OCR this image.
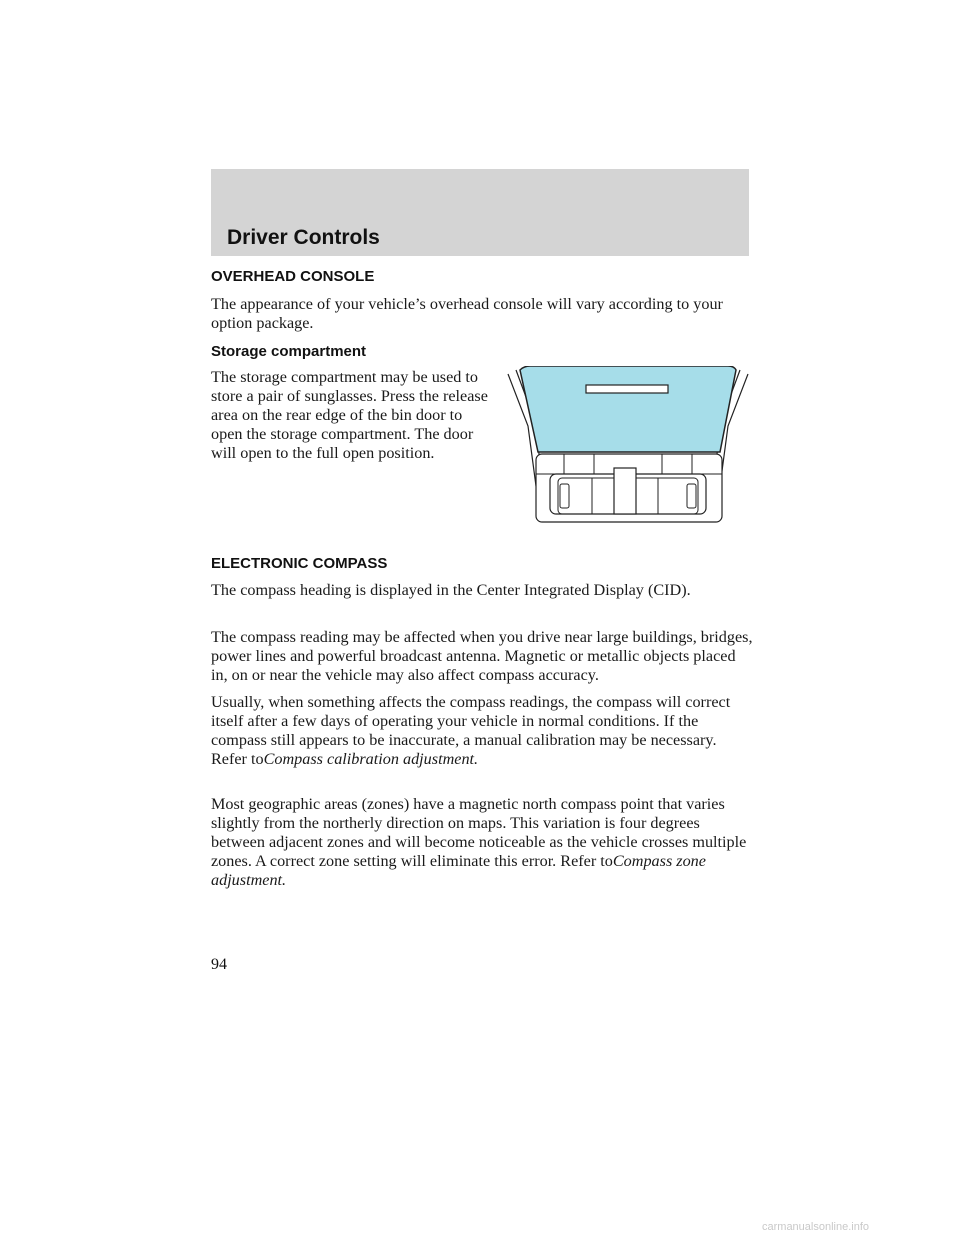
Driver Controls
OVERHEAD CONSOLE

The appearance of your vehicle’s overhead console will vary according to your option package.

Storage compartment

The storage compartment may be used to store a pair of sunglasses. Press the release area on the rear edge of the bin door to open the storage compartment. The door will open to the full open position.

ELECTRONIC COMPASS

The compass heading is displayed in the Center Integrated Display (CID).

The compass reading may be affected when you drive near large buildings, bridges, power lines and powerful broadcast antenna. Magnetic or metallic objects placed in, on or near the vehicle may also affect compass accuracy.

Usually, when something affects the compass readings, the compass will correct itself after a few days of operating your vehicle in normal conditions. If the compass still appears to be inaccurate, a manual calibration may be necessary. Refer toCompass calibration adjustment.

Most geographic areas (zones) have a magnetic north compass point that varies slightly from the northerly direction on maps. This variation is four degrees between adjacent zones and will become noticeable as the vehicle crosses multiple zones. A correct zone setting will eliminate this error. Refer toCompass zone adjustment.

94
carmanualsonline.info
